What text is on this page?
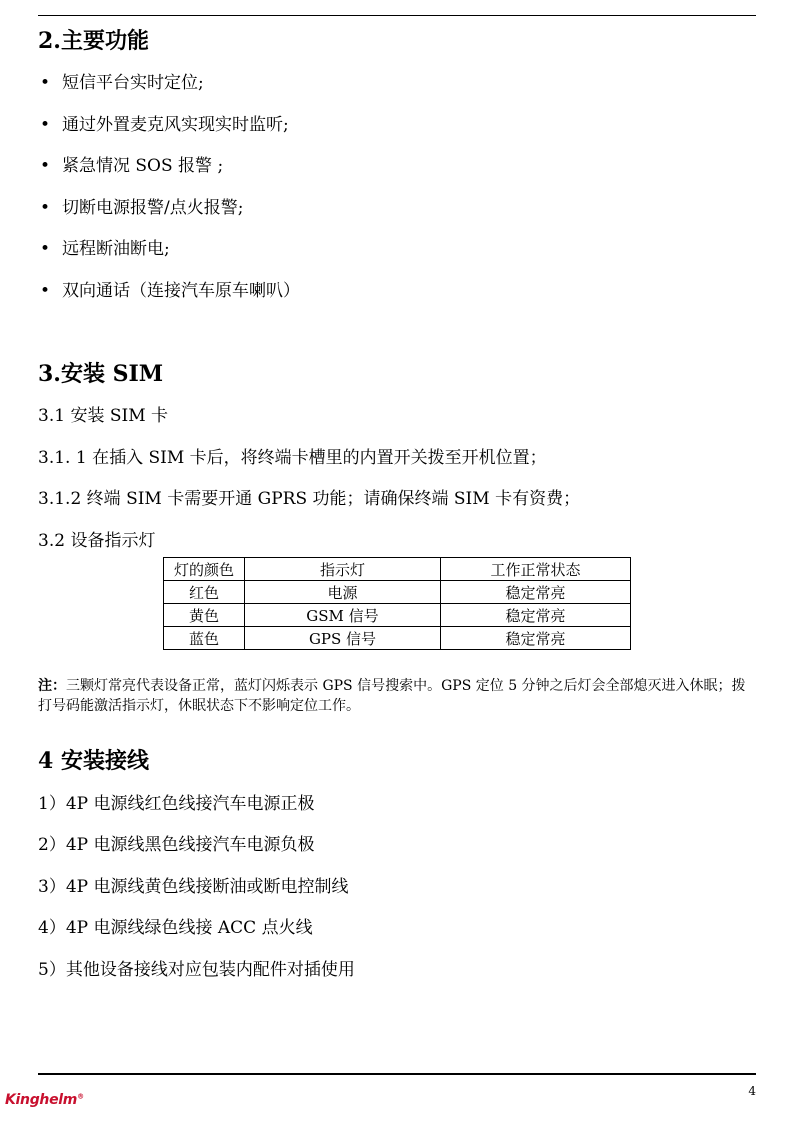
2.主要功能
• 短信平台实时定位;
• 通过外置麦克风实现实时监听;
• 紧急情况 SOS 报警 ;
• 切断电源报警/点火报警;
• 远程断油断电;
• 双向通话（连接汽车原车喇叭）
3.安装 SIM
3.1 安装 SIM 卡
3.1. 1 在插入 SIM 卡后，将终端卡槽里的内置开关拨至开机位置；
3.1.2 终端 SIM 卡需要开通 GPRS 功能；请确保终端 SIM 卡有资费；
3.2 设备指示灯
灯的颜色	指示灯	工作正常状态
红色	电源	稳定常亮
黄色	GSM 信号	稳定常亮
蓝色	GPS 信号	稳定常亮
注：三颗灯常亮代表设备正常，蓝灯闪烁表示 GPS 信号搜索中。GPS 定位 5 分钟之后灯会全部熄灭进入休眠；拨打号码能激活指示灯，休眠状态下不影响定位工作。
4 安装接线
1）4P 电源线红色线接汽车电源正极
2）4P 电源线黑色线接汽车电源负极
3）4P 电源线黄色线接断油或断电控制线
4）4P 电源线绿色线接 ACC 点火线
5）其他设备接线对应包装内配件对插使用
Kinghelm®	4
